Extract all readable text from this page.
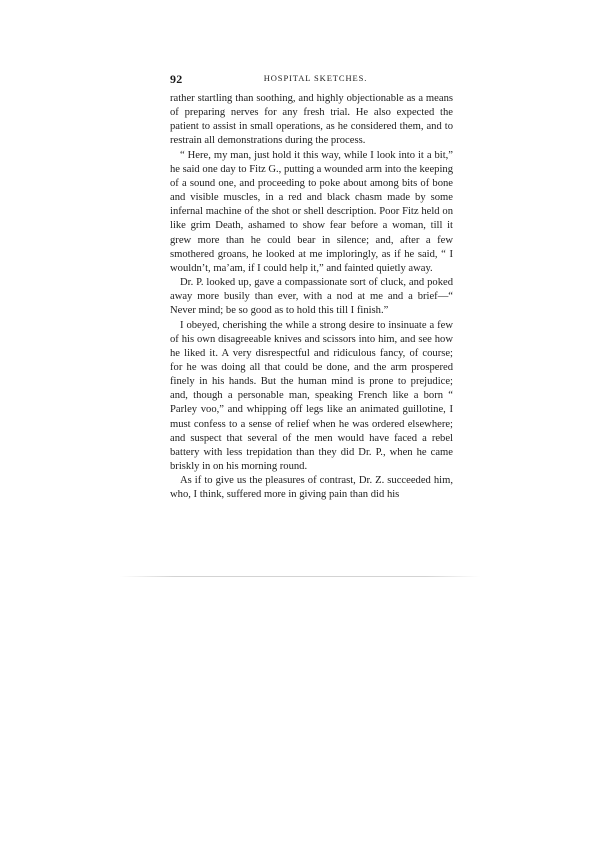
92	HOSPITAL SKETCHES.

rather startling than soothing, and highly objectionable as a means of preparing nerves for any fresh trial. He also expected the patient to assist in small operations, as he considered them, and to restrain all demonstrations during the process.

“ Here, my man, just hold it this way, while I look into it a bit,” he said one day to Fitz G., putting a wounded arm into the keeping of a sound one, and proceeding to poke about among bits of bone and visible muscles, in a red and black chasm made by some infernal machine of the shot or shell description. Poor Fitz held on like grim Death, ashamed to show fear before a woman, till it grew more than he could bear in silence; and, after a few smothered groans, he looked at me imploringly, as if he said, “ I wouldn’t, ma’am, if I could help it,” and fainted quietly away.

Dr. P. looked up, gave a compassionate sort of cluck, and poked away more busily than ever, with a nod at me and a brief—“ Never mind; be so good as to hold this till I finish.”

I obeyed, cherishing the while a strong desire to insinuate a few of his own disagreeable knives and scissors into him, and see how he liked it. A very disrespectful and ridiculous fancy, of course; for he was doing all that could be done, and the arm prospered finely in his hands. But the human mind is prone to prejudice; and, though a personable man, speaking French like a born “ Parley voo,” and whipping off legs like an animated guillotine, I must confess to a sense of relief when he was ordered elsewhere; and suspect that several of the men would have faced a rebel battery with less trepidation than they did Dr. P., when he came briskly in on his morning round.

As if to give us the pleasures of contrast, Dr. Z. succeeded him, who, I think, suffered more in giving pain than did his
